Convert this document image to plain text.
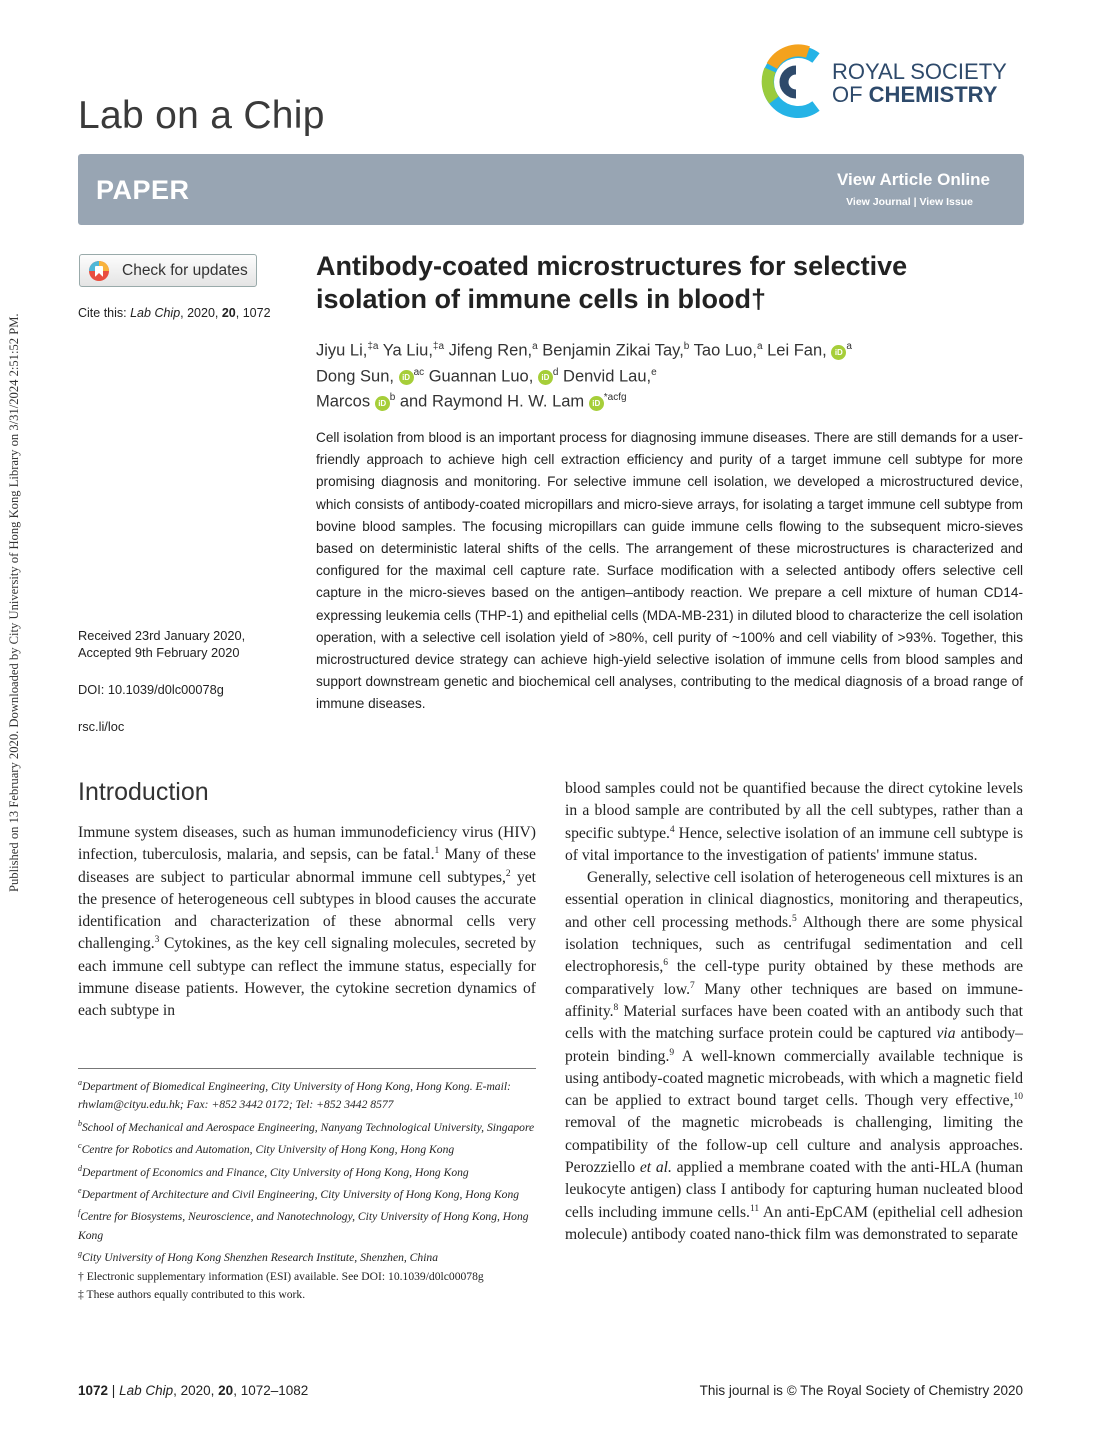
Published on 13 February 2020. Downloaded by City University of Hong Kong Library on 3/31/2024 2:51:52 PM.
Lab on a Chip
ROYAL SOCIETY
OF CHEMISTRY
PAPER	View Article Online
View Journal | View Issue
Check for updates
Cite this: Lab Chip, 2020, 20, 1072
Antibody-coated microstructures for selective isolation of immune cells in blood†
Jiyu Li,$^{\ddagger a}$ Ya Liu,$^{\ddagger a}$ Jifeng Ren,$^a$ Benjamin Zikai Tay,$^b$ Tao Luo,$^a$ Lei Fan, iD $^a$
Dong Sun, iD $^{ac}$ Guannan Luo, iD $^d$ Denvid Lau,$^e$
Marcos iD $^b$ and Raymond H. W. Lam iD $^{*acfg}$
Cell isolation from blood is an important process for diagnosing immune diseases. There are still demands for a user-friendly approach to achieve high cell extraction efficiency and purity of a target immune cell subtype for more promising diagnosis and monitoring. For selective immune cell isolation, we developed a microstructured device, which consists of antibody-coated micropillars and micro-sieve arrays, for isolating a target immune cell subtype from bovine blood samples. The focusing micropillars can guide immune cells flowing to the subsequent micro-sieves based on deterministic lateral shifts of the cells. The arrangement of these microstructures is characterized and configured for the maximal cell capture rate. Surface modification with a selected antibody offers selective cell capture in the micro-sieves based on the antigen–antibody reaction. We prepare a cell mixture of human CD14-expressing leukemia cells (THP-1) and epithelial cells (MDA-MB-231) in diluted blood to characterize the cell isolation operation, with a selective cell isolation yield of >80%, cell purity of ~100% and cell viability of >93%. Together, this microstructured device strategy can achieve high-yield selective isolation of immune cells from blood samples and support downstream genetic and biochemical cell analyses, contributing to the medical diagnosis of a broad range of immune diseases.
Received 23rd January 2020,
Accepted 9th February 2020
DOI: 10.1039/d0lc00078g
rsc.li/loc
Introduction

Immune system diseases, such as human immunodeficiency virus (HIV) infection, tuberculosis, malaria, and sepsis, can be fatal.$^1$ Many of these diseases are subject to particular abnormal immune cell subtypes,$^2$ yet the presence of heterogeneous cell subtypes in blood causes the accurate identification and characterization of these abnormal cells very challenging.$^3$ Cytokines, as the key cell signaling molecules, secreted by each immune cell subtype can reflect the immune status, especially for immune disease patients. However, the cytokine secretion dynamics of each subtype in

blood samples could not be quantified because the direct cytokine levels in a blood sample are contributed by all the cell subtypes, rather than a specific subtype.$^4$ Hence, selective isolation of an immune cell subtype is of vital importance to the investigation of patients' immune status.

Generally, selective cell isolation of heterogeneous cell mixtures is an essential operation in clinical diagnostics, monitoring and therapeutics, and other cell processing methods.$^5$ Although there are some physical isolation techniques, such as centrifugal sedimentation and cell electrophoresis,$^6$ the cell-type purity obtained by these methods are comparatively low.$^7$ Many other techniques are based on immune-affinity.$^8$ Material surfaces have been coated with an antibody such that cells with the matching surface protein could be captured via antibody–protein binding.$^9$ A well-known commercially available technique is using antibody-coated magnetic microbeads, with which a magnetic field can be applied to extract bound target cells. Though very effective,$^{10}$ removal of the magnetic microbeads is challenging, limiting the compatibility of the follow-up cell culture and analysis approaches. Perozziello et al. applied a membrane coated with the anti-HLA (human leukocyte antigen) class I antibody for capturing human nucleated blood cells including immune cells.$^{11}$ An anti-EpCAM (epithelial cell adhesion molecule) antibody coated nano-thick film was demonstrated to separate

$^a$Department of Biomedical Engineering, City University of Hong Kong, Hong Kong. E-mail: rhwlam@cityu.edu.hk; Fax: +852 3442 0172; Tel: +852 3442 8577
$^b$School of Mechanical and Aerospace Engineering, Nanyang Technological University, Singapore
$^c$Centre for Robotics and Automation, City University of Hong Kong, Hong Kong
$^d$Department of Economics and Finance, City University of Hong Kong, Hong Kong
$^e$Department of Architecture and Civil Engineering, City University of Hong Kong, Hong Kong
$^f$Centre for Biosystems, Neuroscience, and Nanotechnology, City University of Hong Kong, Hong Kong
$^g$City University of Hong Kong Shenzhen Research Institute, Shenzhen, China
† Electronic supplementary information (ESI) available. See DOI: 10.1039/d0lc00078g
‡ These authors equally contributed to this work.
1072 | Lab Chip, 2020, 20, 1072–1082	This journal is © The Royal Society of Chemistry 2020
